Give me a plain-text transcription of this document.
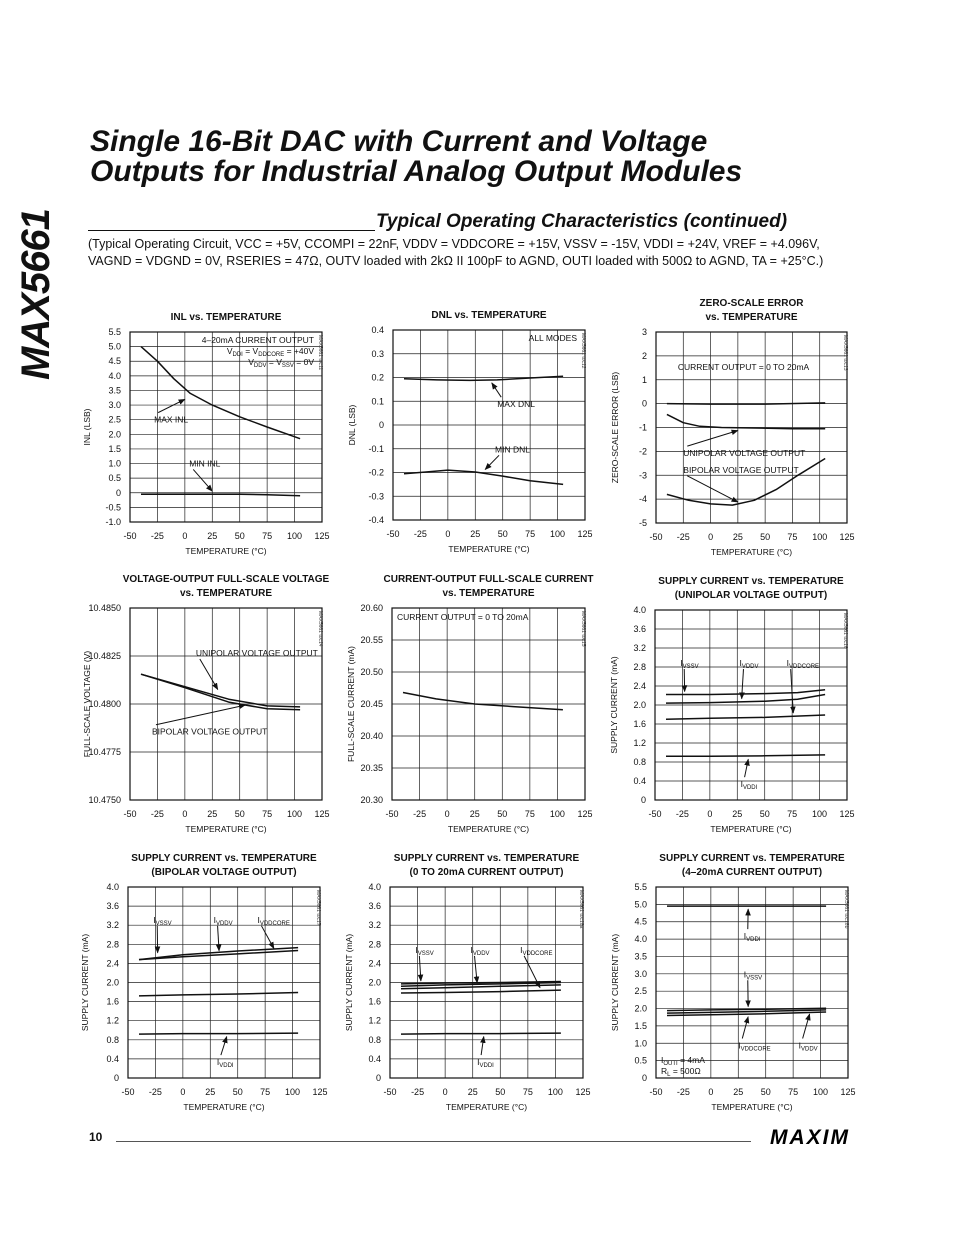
MAX5661
Single 16-Bit DAC with Current and Voltage
Outputs for Industrial Analog Output Modules
Typical Operating Characteristics (continued)
(Typical Operating Circuit, VCC = +5V, CCOMPI = 22nF, VDDV = VDDCORE = +15V, VSSV = -15V, VDDI = +24V, VREF = +4.096V,
VAGND = VDGND = 0V, RSERIES = 47Ω, OUTV loaded with 2kΩ II 100pF to AGND, OUTI loaded with 500Ω to AGND, TA = +25°C.)
INL vs. TEMPERATURE
-50 -25 0 25 50 75 100 125
-1.0
-0.5
0
0.5
1.0
1.5
2.0
2.5
3.0
3.5
4.0
4.5
5.0
5.5
TEMPERATURE (°C)
INL (LSB)
MAX5661 toc11
4–20mA CURRENT OUTPUT
$V_{DDI} = V_{DDCORE} = +40V$
$V_{DDV} = V_{SSV} = 0V$
MAX INL
MIN INL
DNL vs. TEMPERATURE
-50 -25 0 25 50 75 100 125
-0.4
-0.3
-0.2
-0.1
0
0.1
0.2
0.3
0.4
TEMPERATURE (°C)
DNL (LSB)
MAX5661 toc12
ALL MODES
MAX DNL
MIN DNL
ZERO-SCALE ERROR
vs. TEMPERATURE
-50 -25 0 25 50 75 100 125
-5
-4
-3
-2
-1
0
1
2
3
TEMPERATURE (°C)
ZERO-SCALE ERROR (LSB)
MAX5661 toc13
CURRENT OUTPUT = 0 TO 20mA
UNIPOLAR VOLTAGE OUTPUT
BIPOLAR VOLTAGE OUTPUT
VOLTAGE-OUTPUT FULL-SCALE VOLTAGE
vs. TEMPERATURE
-50 -25 0 25 50 75 100 125
10.4750
10.4775
10.4800
10.4825
10.4850
TEMPERATURE (°C)
FULL-SCALE VOLTAGE (V)
MAX5661 toc14
UNIPOLAR VOLTAGE OUTPUT
BIPOLAR VOLTAGE OUTPUT
CURRENT-OUTPUT FULL-SCALE CURRENT
vs. TEMPERATURE
-50 -25 0 25 50 75 100 125
20.30
20.35
20.40
20.45
20.50
20.55
20.60
TEMPERATURE (°C)
FULL-SCALE CURRENT (mA)
MAX5661 toc15
CURRENT OUTPUT = 0 TO 20mA
SUPPLY CURRENT vs. TEMPERATURE
(UNIPOLAR VOLTAGE OUTPUT)
-50 -25 0 25 50 75 100 125
0
0.4
0.8
1.2
1.6
2.0
2.4
2.8
3.2
3.6
4.0
TEMPERATURE (°C)
SUPPLY CURRENT (mA)
MAX5661 toc16
$I_{VSSV}$	$I_{VDDV}$	$I_{VDDCORE}$
$I_{VDDI}$
SUPPLY CURRENT vs. TEMPERATURE
(BIPOLAR VOLTAGE OUTPUT)
-50 -25 0 25 50 75 100 125
0
0.4
0.8
1.2
1.6
2.0
2.4
2.8
3.2
3.6
4.0
TEMPERATURE (°C)
SUPPLY CURRENT (mA)
MAX5661 toc17
$I_{VSSV}$	$I_{VDDV}$	$I_{VDDCORE}$
$I_{VDDI}$
SUPPLY CURRENT vs. TEMPERATURE
(0 TO 20mA CURRENT OUTPUT)
-50 -25 0 25 50 75 100 125
0
0.4
0.8
1.2
1.6
2.0
2.4
2.8
3.2
3.6
4.0
TEMPERATURE (°C)
SUPPLY CURRENT (mA)
MAX5661 toc18a
$I_{VSSV}$	$I_{VDDV}$	$I_{VDDCORE}$
$I_{VDDI}$
SUPPLY CURRENT vs. TEMPERATURE
(4–20mA CURRENT OUTPUT)
-50 -25 0 25 50 75 100 125
0
0.5
1.0
1.5
2.0
2.5
3.0
3.5
4.0
4.5
5.0
5.5
TEMPERATURE (°C)
SUPPLY CURRENT (mA)
MAX5661 toc18b
$I_{VDDI}$
$I_{VSSV}$
$I_{VDDCORE}$	$I_{VDDV}$
$I_{OUTI} = 4mA$
$R_L = 500\Omega$
10	MAXIM
